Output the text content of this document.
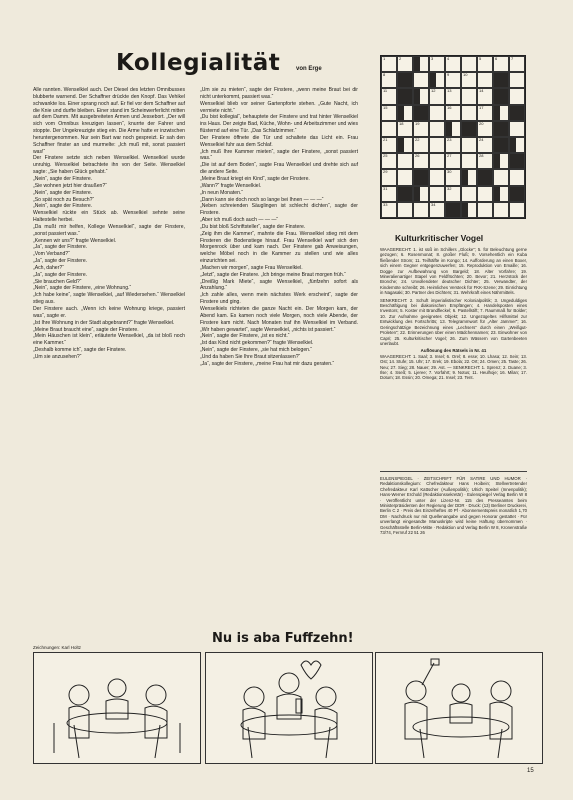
Kollegialität	von Erge

Alle rannten. Wenselkiel auch. Der Diesel des letzten Omnibusses blubberte warnend. Der Schaffner drückte den Knopf. Das Vehikel schwankte los. Einer sprang noch auf. Er fiel vor dem Schaffner auf die Knie und durfte bleiben. Einer stand im Scheinwerferlicht mitten auf dem Damm. Mit ausgebreiteten Armen und Jessebort. „Der will sich vom Omnibus kreuzigen lassen“, knurrte der Fahrer und stoppte. Der Ungekreuzigte stieg ein. Die Arme hatte er inzwischen heruntergenommen. Nur sein Bart war noch gespreizt. Er sah den Schaffner finster an und murmelte: „Ich muß mit, sonst passiert was!“

Der Finstere setzte sich neben Wenselkiel. Wenselkiel wurde unruhig. Wenselkiel betrachtete ihn von der Seite. Wenselkiel sagte: „Sie haben Glück gehabt.“

„Nein“, sagte der Finstere.

„Sie wohnen jetzt hier draußen?“

„Nein“, sagte der Finstere.

„So spät noch zu Besuch?“

„Nein“, sagte der Finstere.

Wenselkiel rückte ein Stück ab. Wenselkiel sehnte seine Haltestelle herbei.

„Da mußt mir helfen, Kollege Wenselkiel“, sagte der Finstere, „sonst passiert was.“

„Kennen wir uns?“ fragte Wenselkiel.

„Ja“, sagte der Finstere.

„Vom Verband?“

„Ja“, sagte der Finstere.

„Ach, daher?“

„Ja“, sagte der Finstere.

„Sie brauchen Geld?“

„Nein“, sagte der Finstere, „eine Wohnung.“

„Ich habe keine“, sagte Wenselkiel, „auf Wiedersehen.“ Wenselkiel stieg aus.

Der Finstere auch. „Wenn ich keine Wohnung kriege, passiert was“, sagte er.

„Ist Ihre Wohnung in der Stadt abgebrannt?“ fragte Wenselkiel.

„Meine Braut braucht eine“, sagte der Finstere.

„Mein Häuschen ist klein“, erläuterte Wenselkiel, „da ist bloß noch eine Kammer.“

„Deshalb komme ich“, sagte der Finstere.

„Um sie anzusehen?“

„Um sie zu mieten“, sagte der Finstere, „wenn meine Braut bei dir nicht unterkommt, passiert was.“

Wenselkiel blieb vor seiner Gartenpforte stehen. „Gute Nacht, ich vermiete nicht.“

„Du bist kollegial“, behauptete der Finstere und trat hinter Wenselkiel ins Haus. Der zeigte Bad, Küche, Wohn- und Arbeitszimmer und wies flüsternd auf eine Tür. „Das Schlafzimmer.“

Der Finstere öffnete die Tür und schaltete das Licht ein. Frau Wenselkiel fuhr aus dem Schlaf.

„Ich muß Ihre Kammer mieten“, sagte der Finstere, „sonst passiert was.“

„Die ist auf dem Boden“, sagte Frau Wenselkiel und drehte sich auf die andere Seite.

„Meine Braut kriegt ein Kind“, sagte der Finstere.

„Wann?“ fragte Wenselkiel.

„In neun Monaten.“

„Dann kann sie doch noch so lange bei Ihnen — — —“

„Neben schreienden Säuglingen ist schlecht dichten“, sagte der Finstere.

„Aber ich muß doch auch — — —“

„Du bist bloß Schriftsteller“, sagte der Finstere.

„Zeig ihm die Kammer“, mahnte die Frau. Wenselkiel stieg mit dem Finsteren die Bodenstiege hinauf. Frau Wenselkiel warf sich den Morgenrock über und kam nach. Der Finstere gab Anweisungen, welche Möbel noch in die Kammer zu stellen und wie alles einzurichten sei.

„Machen wir morgen“, sagte Frau Wenselkiel.

„Jetzt“, sagte der Finstere. „Ich bringe meine Braut morgen früh.“

„Dreißig Mark Miete“, sagte Wenselkiel, „fünfzehn sofort als Anzahlung.“

„Ich zahle alles, wenn mein nächstes Werk erscheint“, sagte der Finstere und ging.

Wenselkiels richteten die ganze Nacht ein. Der Morgen kam, der Abend kam. Es kamen noch viele Morgen, noch viele Abende, der Finstere kam nicht. Nach Monaten traf ihn Wenselkiel im Verband. „Wir haben gewartet“, sagte Wenselkiel, „nichts ist passiert.“

„Nein“, sagte der Finstere, „ist es nicht.“

„Ist das Kind nicht gekommen?“ fragte Wenselkiel.

„Nein“, sagte der Finstere, „sie hat mich belogen.“

„Und da haben Sie Ihre Braut sitzenlassen?“

„Ja“, sagte der Finstere, „meine Frau hat mir dazu geraten.“

1	2	3	4	5	6	7
8	9	10
11	12	13	14
15	16	17
18	19	20
21	22	23	24
25	26	27	28
29	30
31	32
33	34
Kulturkritischer Vogel

WAAGERECHT: 1. ist süß im Schillers „Glocke“; 5. für Beleuchtung gerne gezogen; 6. Rosenmonat; 8. großer Fluß; 9. Vorsehentlich ein Kuba fließender Strom; 11. Teilhälfte im Kongo; 14. Aufforderung an einen Boxer, sich einem Gegner entgegenzuwerfen; 15. Reproduktion von Emaille; 16. Dogge zur Aufbewahrung von Bargeld; 18. Alter Vorfahre; 19. Mineralienartiger Stapel von Feldfrüchten; 20. Bevor; 21. Herzstück der Bronche; 24. Unvollendeter deutscher Dichter; 25. Verwandter, der Kindernöte schreibt; 26. Heimliches Versteck für FKK-Szene; 29. Einrichtung in Nagasaki; 30. Partner des Dichters; 31. Wehrkraft eines Nährmittels.

SENKRECHT: 2. Schuft imperialistischer Kolonialpolitik; 3. Ungeduldiges Beschäftigung bei diakonischen Empfängen; 4. Handelsposten eines Investors; 5. Koster mit Brandfleckel; 6. Pastellstift; 7. Raummaß für Bolder; 10. Zur Aufnahme geeignetes Objekt; 12. Ungezügeltes Hilfsmittel zur Entwicklung des Fortschritts; 13. Telegrammwort für „Alter Jammer“; 16. Geringschätzige Bezeichnung eines „Lechsers“ durch einen „Weißgut-Proleten“; 22. Erinnerungen über einen Mädchennamen; 23. Einwohner von Capri; 25. Kulturkritischer Vogel; 26. Zum Wässern von Gartenbeeten unerlaubt.

Auflösung des Rätsels in Nr. 41

WAAGERECHT: 1. Saal; 3. Insel; 6. Orel; 8. esse; 10. Lhasa; 12. Sein; 13. Ost; 14. Stufe; 15. Uhr; 17. Erek; 19. Ebola; 22. Ort; 24. Omen; 25. Taste; 26. Neu; 27. Sieg; 28. Nauer; 29. Ast. — SENKRECHT: 1. Sprenz; 2. Duane; 3. Ilse; 4. Sseß; 5. Ljeree; 7. Vorfahrt; 9. Notus; 11. Heulhoje; 16. Milan; 17. Dotum; 18. Essin; 20. Omega; 21. Insel; 23. Tent.

EULENSPIEGEL · ZEITSCHRIFT FÜR SATIRE UND HUMOR · Redaktionskollegium: Chefredakteur Hans Hoibein; Stellvertretender Chefredakteur Karl Kattscher (Außenpolitik); Ulrich Speitel (Innenpolitik); Hans-Werner Erchold (Redaktionssekretär) · Eulenspiegel Verlag Berlin W 8 · Veröffentlicht unter der Lizenz-Nr. 115 des Presseamtes beim Ministerpräsidenten der Regierung der DDR · Druck: (13) Berliner Druckerei, Berlin C 2 · Preis des Einzelheftes 40 Pf · Abonnementspreis monatlich 1,70 DM · Nachdruck nur mit Quellenangabe und gegen Honorar gestattet · Für unverlangt eingesandte Manuskripte wird keine Haftung übernommen · Geschäftsstelle Berlin-Mitte · Redaktion und Verlag Berlin W 8, Kronenstraße 73/74, Fernruf 22 51 26
Zeichnungen: Karl Holtz
Nu is aba Fuffzehn!
15
